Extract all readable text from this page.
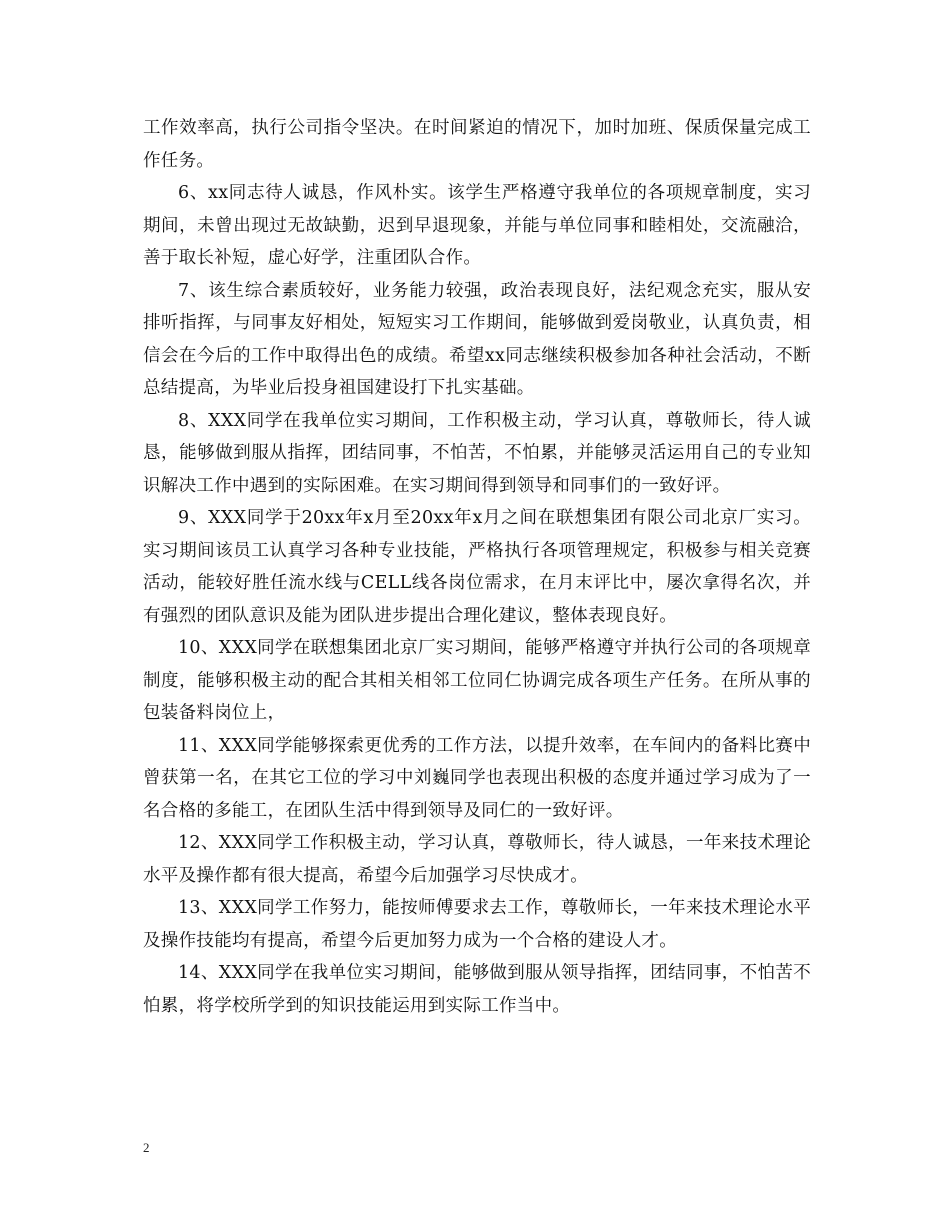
工作效率高，执行公司指令坚决。在时间紧迫的情况下，加时加班、保质保量完成工作任务。

6、xx同志待人诚恳，作风朴实。该学生严格遵守我单位的各项规章制度，实习期间，未曾出现过无故缺勤，迟到早退现象，并能与单位同事和睦相处，交流融洽，善于取长补短，虚心好学，注重团队合作。

7、该生综合素质较好，业务能力较强，政治表现良好，法纪观念充实，服从安排听指挥，与同事友好相处，短短实习工作期间，能够做到爱岗敬业，认真负责，相信会在今后的工作中取得出色的成绩。希望xx同志继续积极参加各种社会活动，不断总结提高，为毕业后投身祖国建设打下扎实基础。

8、XXX同学在我单位实习期间，工作积极主动，学习认真，尊敬师长，待人诚恳，能够做到服从指挥，团结同事，不怕苦，不怕累，并能够灵活运用自己的专业知识解决工作中遇到的实际困难。在实习期间得到领导和同事们的一致好评。

9、XXX同学于20xx年x月至20xx年x月之间在联想集团有限公司北京厂实习。实习期间该员工认真学习各种专业技能，严格执行各项管理规定，积极参与相关竞赛活动，能较好胜任流水线与CELL线各岗位需求，在月末评比中，屡次拿得名次，并有强烈的团队意识及能为团队进步提出合理化建议，整体表现良好。

10、XXX同学在联想集团北京厂实习期间，能够严格遵守并执行公司的各项规章制度，能够积极主动的配合其相关相邻工位同仁协调完成各项生产任务。在所从事的包装备料岗位上，

11、XXX同学能够探索更优秀的工作方法，以提升效率，在车间内的备料比赛中曾获第一名，在其它工位的学习中刘巍同学也表现出积极的态度并通过学习成为了一名合格的多能工，在团队生活中得到领导及同仁的一致好评。

12、XXX同学工作积极主动，学习认真，尊敬师长，待人诚恳，一年来技术理论水平及操作都有很大提高，希望今后加强学习尽快成才。

13、XXX同学工作努力，能按师傅要求去工作，尊敬师长，一年来技术理论水平及操作技能均有提高，希望今后更加努力成为一个合格的建设人才。

14、XXX同学在我单位实习期间，能够做到服从领导指挥，团结同事，不怕苦不怕累，将学校所学到的知识技能运用到实际工作当中。

2
